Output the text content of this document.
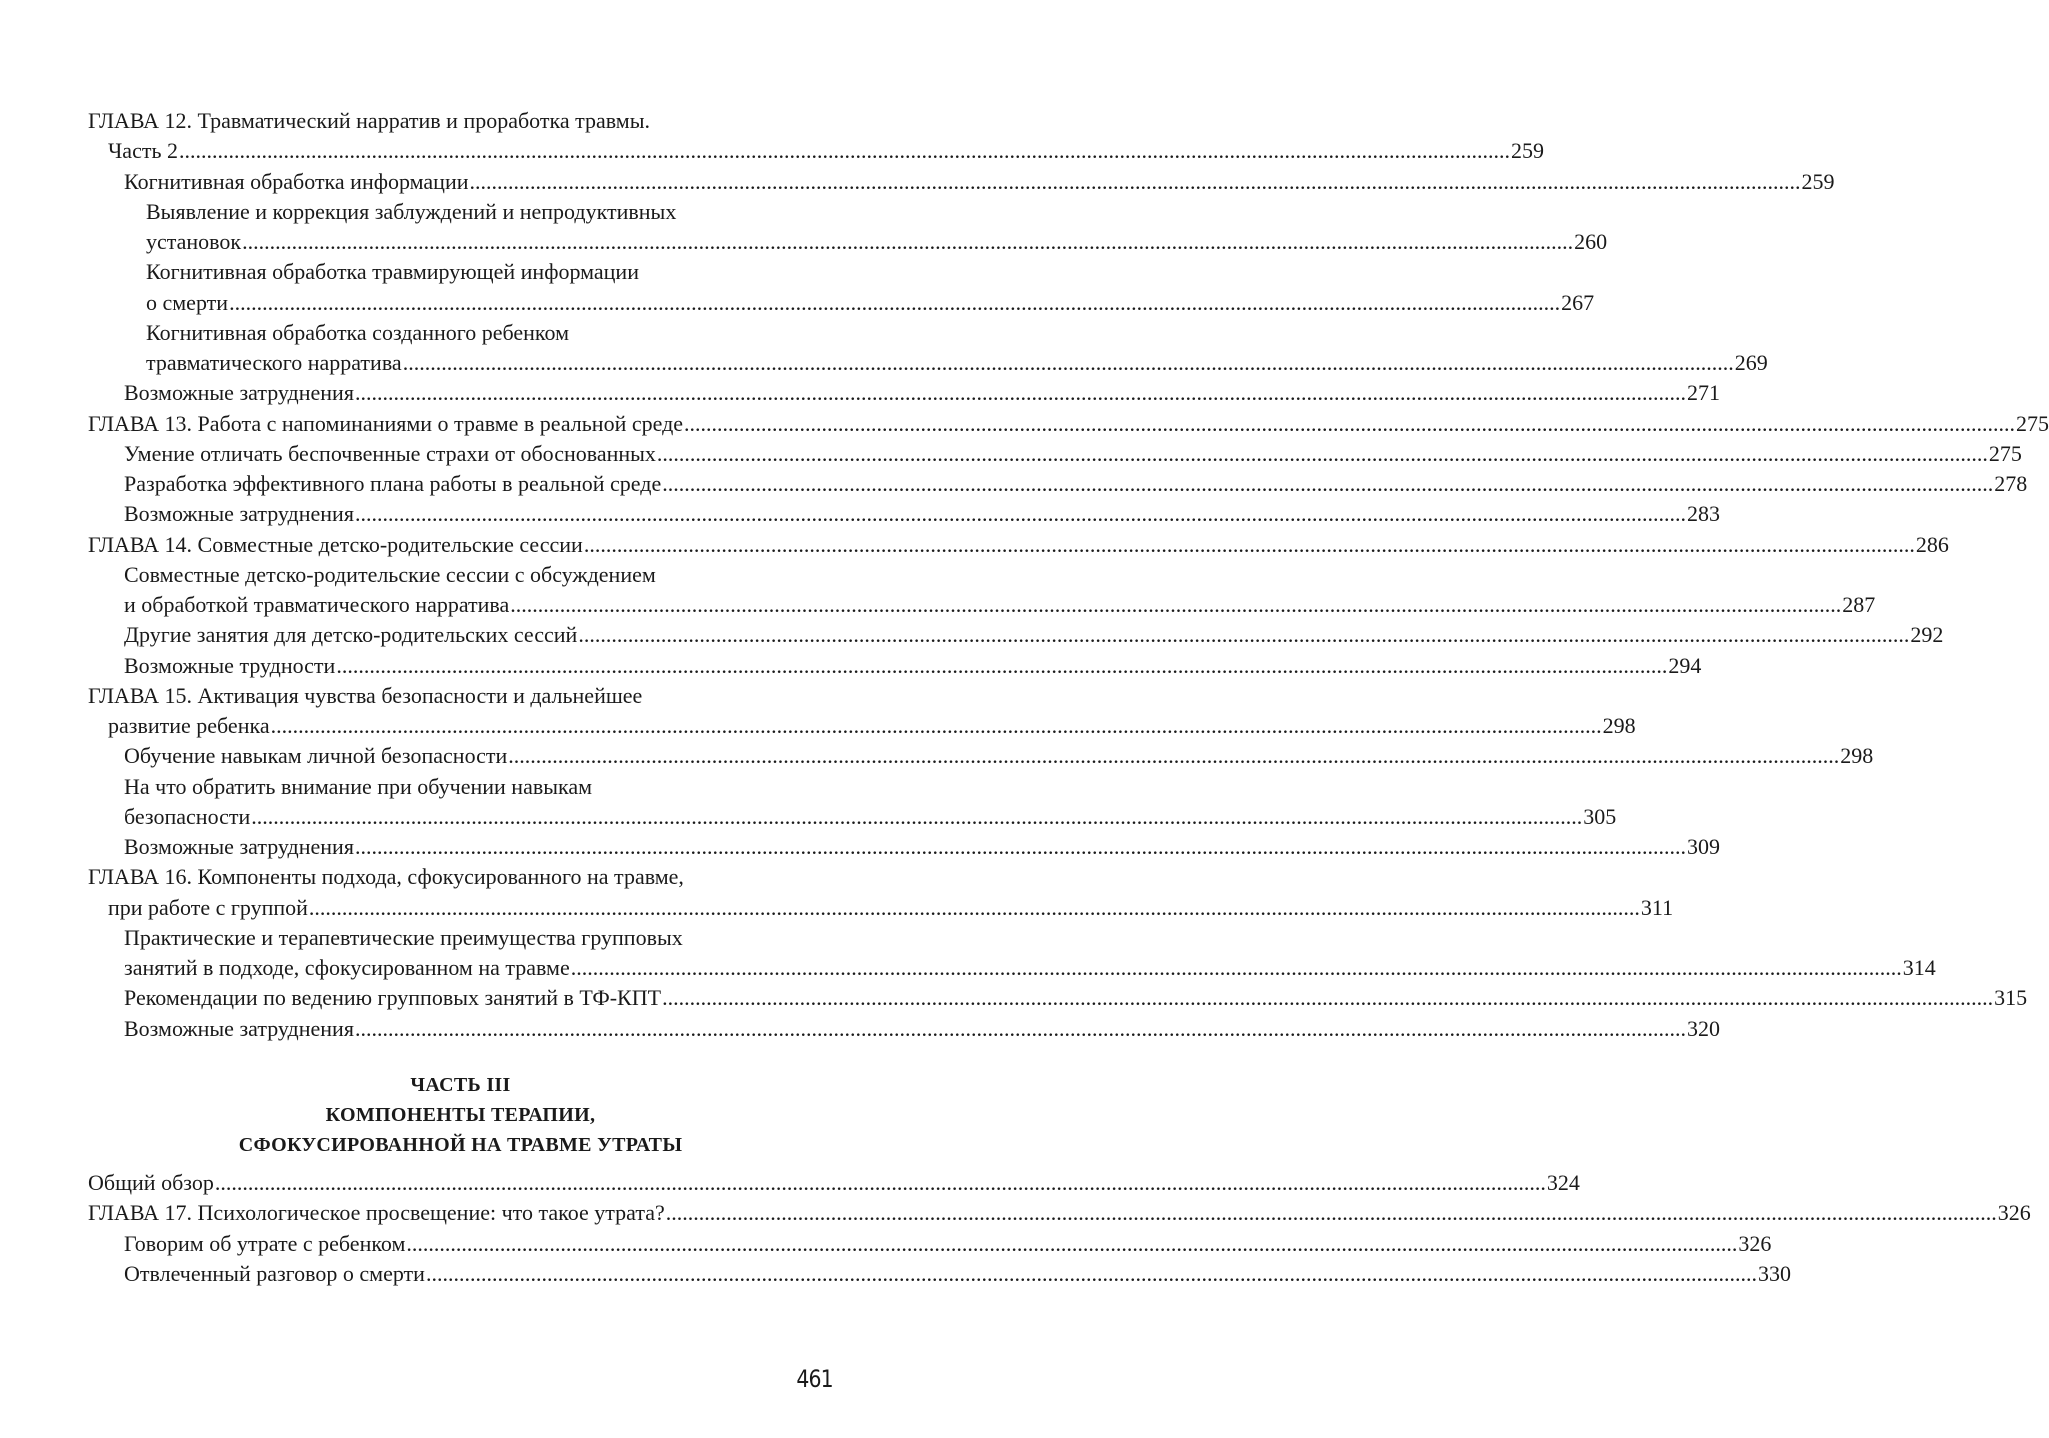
ГЛАВА 12. Травматический нарратив и проработка травмы.
Часть 2 .....	259
Когнитивная обработка информации .....	259
Выявление и коррекция заблуждений и непродуктивных
установок .....	260
Когнитивная обработка травмирующей информации
о смерти .....	267
Когнитивная обработка созданного ребенком
травматического нарратива .....	269
Возможные затруднения .....	271
ГЛАВА 13. Работа с напоминаниями о травме в реальной среде .....	275
Умение отличать беспочвенные страхи от обоснованных .....	275
Разработка эффективного плана работы в реальной среде .....	278
Возможные затруднения .....	283
ГЛАВА 14. Совместные детско-родительские сессии .....	286
Совместные детско-родительские сессии с обсуждением
и обработкой травматического нарратива .....	287
Другие занятия для детско-родительских сессий .....	292
Возможные трудности .....	294
ГЛАВА 15. Активация чувства безопасности и дальнейшее
развитие ребенка .....	298
Обучение навыкам личной безопасности .....	298
На что обратить внимание при обучении навыкам
безопасности .....	305
Возможные затруднения .....	309
ГЛАВА 16. Компоненты подхода, сфокусированного на травме,
при работе с группой .....	311
Практические и терапевтические преимущества групповых
занятий в подходе, сфокусированном на травме .....	314
Рекомендации по ведению групповых занятий в ТФ-КПТ .....	315
Возможные затруднения .....	320
ЧАСТЬ III
КОМПОНЕНТЫ ТЕРАПИИ,
СФОКУСИРОВАННОЙ НА ТРАВМЕ УТРАТЫ
Общий обзор .....	324
ГЛАВА 17. Психологическое просвещение: что такое утрата? .....	326
Говорим об утрате с ребенком .....	326
Отвлеченный разговор о смерти .....	330
461
